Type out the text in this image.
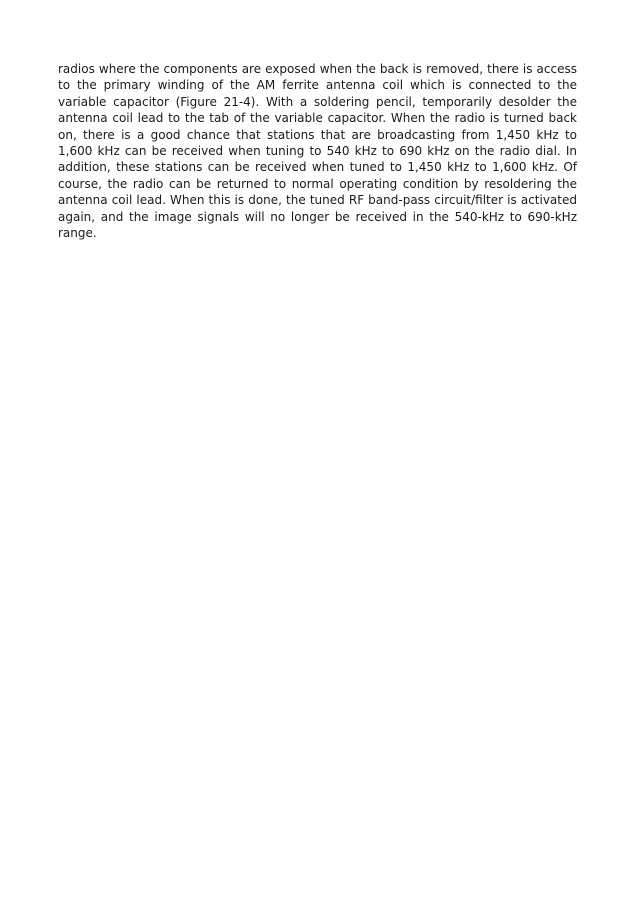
radios where the components are exposed when the back is removed, there is access to the primary winding of the AM ferrite antenna coil which is connected to the variable capacitor (Figure 21-4). With a soldering pencil, temporarily desolder the antenna coil lead to the tab of the variable capacitor. When the radio is turned back on, there is a good chance that stations that are broadcasting from 1,450 kHz to 1,600 kHz can be received when tuning to 540 kHz to 690 kHz on the radio dial. In addition, these stations can be received when tuned to 1,450 kHz to 1,600 kHz. Of course, the radio can be returned to normal operating condition by resoldering the antenna coil lead. When this is done, the tuned RF band-pass circuit/filter is activated again, and the image signals will no longer be received in the 540-kHz to 690-kHz range.
